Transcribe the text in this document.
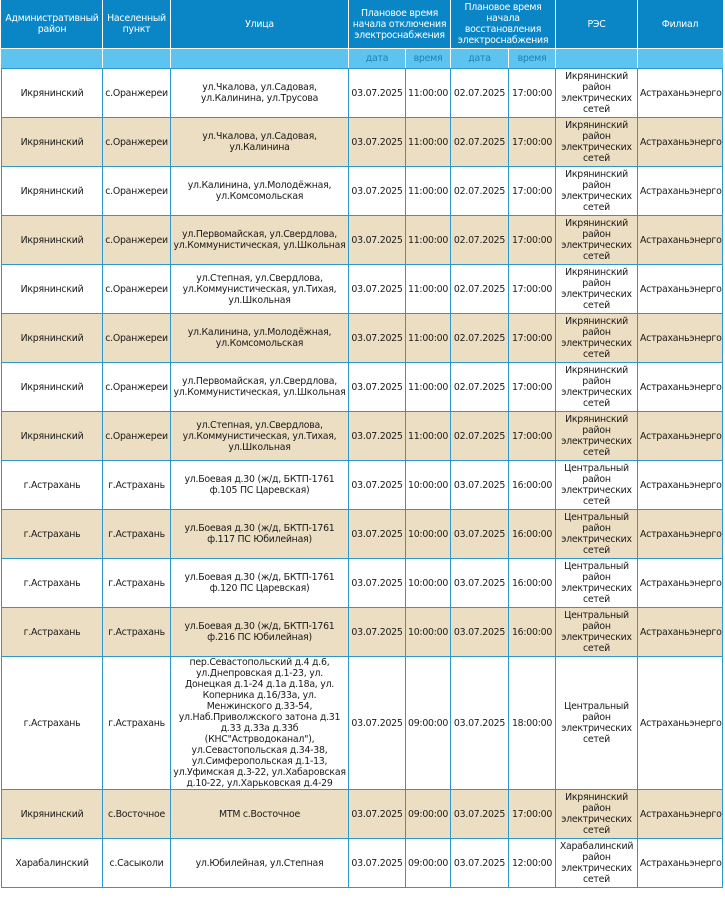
Административный район	Населенный пункт	Улица	Плановое время начала отключения электроснабжения		Плановое время начала восстановления электроснабжения		РЭС	Филиал
			дата	время	дата	время		
Икрянинский	с.Оранжереи	ул.Чкалова, ул.Садовая, ул.Калинина, ул.Трусова	03.07.2025	11:00:00	02.07.2025	17:00:00	Икрянинский район электрических сетей	Астраханьэнерго
Икрянинский	с.Оранжереи	ул.Чкалова, ул.Садовая, ул.Калинина	03.07.2025	11:00:00	02.07.2025	17:00:00	Икрянинский район электрических сетей	Астраханьэнерго
Икрянинский	с.Оранжереи	ул.Калинина, ул.Молодёжная, ул.Комсомольская	03.07.2025	11:00:00	02.07.2025	17:00:00	Икрянинский район электрических сетей	Астраханьэнерго
Икрянинский	с.Оранжереи	ул.Первомайская, ул.Свердлова, ул.Коммунистическая, ул.Школьная	03.07.2025	11:00:00	02.07.2025	17:00:00	Икрянинский район электрических сетей	Астраханьэнерго
Икрянинский	с.Оранжереи	ул.Степная, ул.Свердлова, ул.Коммунистическая, ул.Тихая, ул.Школьная	03.07.2025	11:00:00	02.07.2025	17:00:00	Икрянинский район электрических сетей	Астраханьэнерго
Икрянинский	с.Оранжереи	ул.Калинина, ул.Молодёжная, ул.Комсомольская	03.07.2025	11:00:00	02.07.2025	17:00:00	Икрянинский район электрических сетей	Астраханьэнерго
Икрянинский	с.Оранжереи	ул.Первомайская, ул.Свердлова, ул.Коммунистическая, ул.Школьная	03.07.2025	11:00:00	02.07.2025	17:00:00	Икрянинский район электрических сетей	Астраханьэнерго
Икрянинский	с.Оранжереи	ул.Степная, ул.Свердлова, ул.Коммунистическая, ул.Тихая, ул.Школьная	03.07.2025	11:00:00	02.07.2025	17:00:00	Икрянинский район электрических сетей	Астраханьэнерго
г.Астрахань	г.Астрахань	ул.Боевая д.30 (ж/д, БКТП-1761 ф.105 ПС Царевская)	03.07.2025	10:00:00	03.07.2025	16:00:00	Центральный район электрических сетей	Астраханьэнерго
г.Астрахань	г.Астрахань	ул.Боевая д.30 (ж/д, БКТП-1761 ф.117 ПС Юбилейная)	03.07.2025	10:00:00	03.07.2025	16:00:00	Центральный район электрических сетей	Астраханьэнерго
г.Астрахань	г.Астрахань	ул.Боевая д.30 (ж/д, БКТП-1761 ф.120 ПС Царевская)	03.07.2025	10:00:00	03.07.2025	16:00:00	Центральный район электрических сетей	Астраханьэнерго
г.Астрахань	г.Астрахань	ул.Боевая д.30 (ж/д, БКТП-1761 ф.216 ПС Юбилейная)	03.07.2025	10:00:00	03.07.2025	16:00:00	Центральный район электрических сетей	Астраханьэнерго
г.Астрахань	г.Астрахань	пер.Севастопольский д.4 д.6, ул.Днепровская д.1-23, ул. Донецкая д.1-24 д.1а д.18а, ул. Коперника д.16/33а, ул. Менжинского д.33-54, ул.Наб.Приволжского затона д.31 д.33 д.33а д.33б (КНС"Астрводоканал"), ул.Севастопольская д.34-38, ул.Симферопольская д.1-13, ул.Уфимская д.3-22, ул.Хабаровская д.10-22, ул.Харьковская д.4-29	03.07.2025	09:00:00	03.07.2025	18:00:00	Центральный район электрических сетей	Астраханьэнерго
Икрянинский	с.Восточное	МТМ с.Восточное	03.07.2025	09:00:00	03.07.2025	17:00:00	Икрянинский район электрических сетей	Астраханьэнерго
Харабалинский	с.Сасыколи	ул.Юбилейная, ул.Степная	03.07.2025	09:00:00	03.07.2025	12:00:00	Харабалинский район электрических сетей	Астраханьэнерго
